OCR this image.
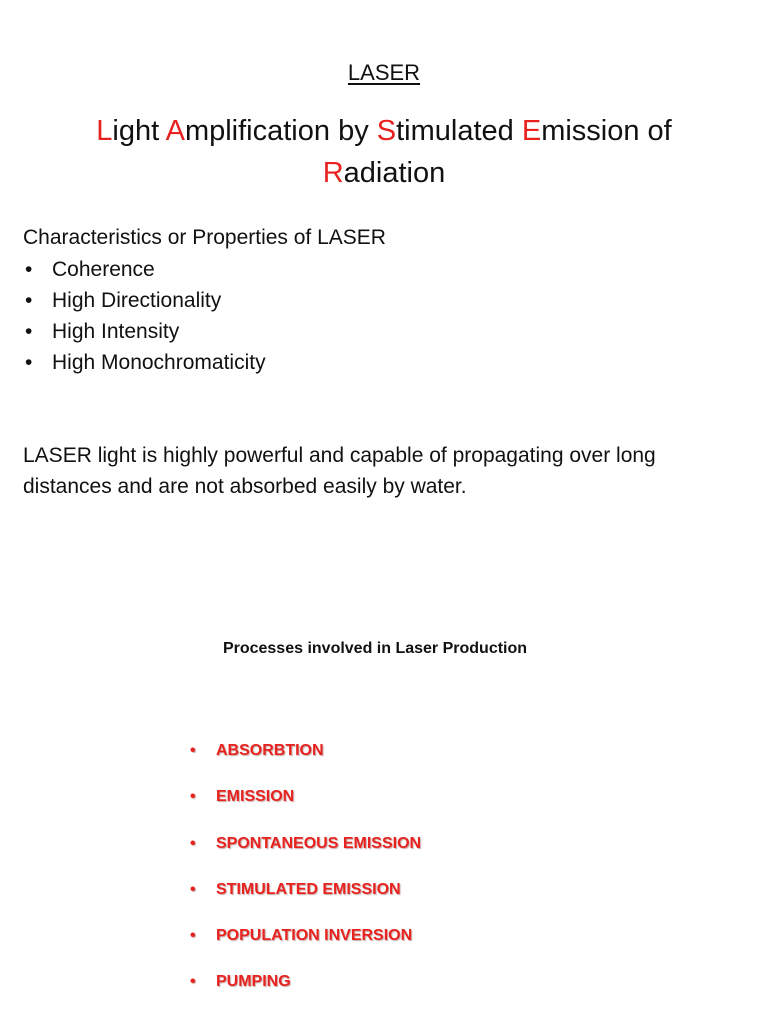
LASER

Light Amplification by Stimulated Emission of
Radiation

Characteristics or Properties of LASER

• Coherence
• High Directionality
• High Intensity
• High Monochromaticity

LASER light is highly powerful and capable of propagating over long distances and are not absorbed easily by water.

Processes involved in Laser Production

• ABSORBTION
• EMISSION
• SPONTANEOUS EMISSION
• STIMULATED EMISSION
• POPULATION INVERSION
• PUMPING
